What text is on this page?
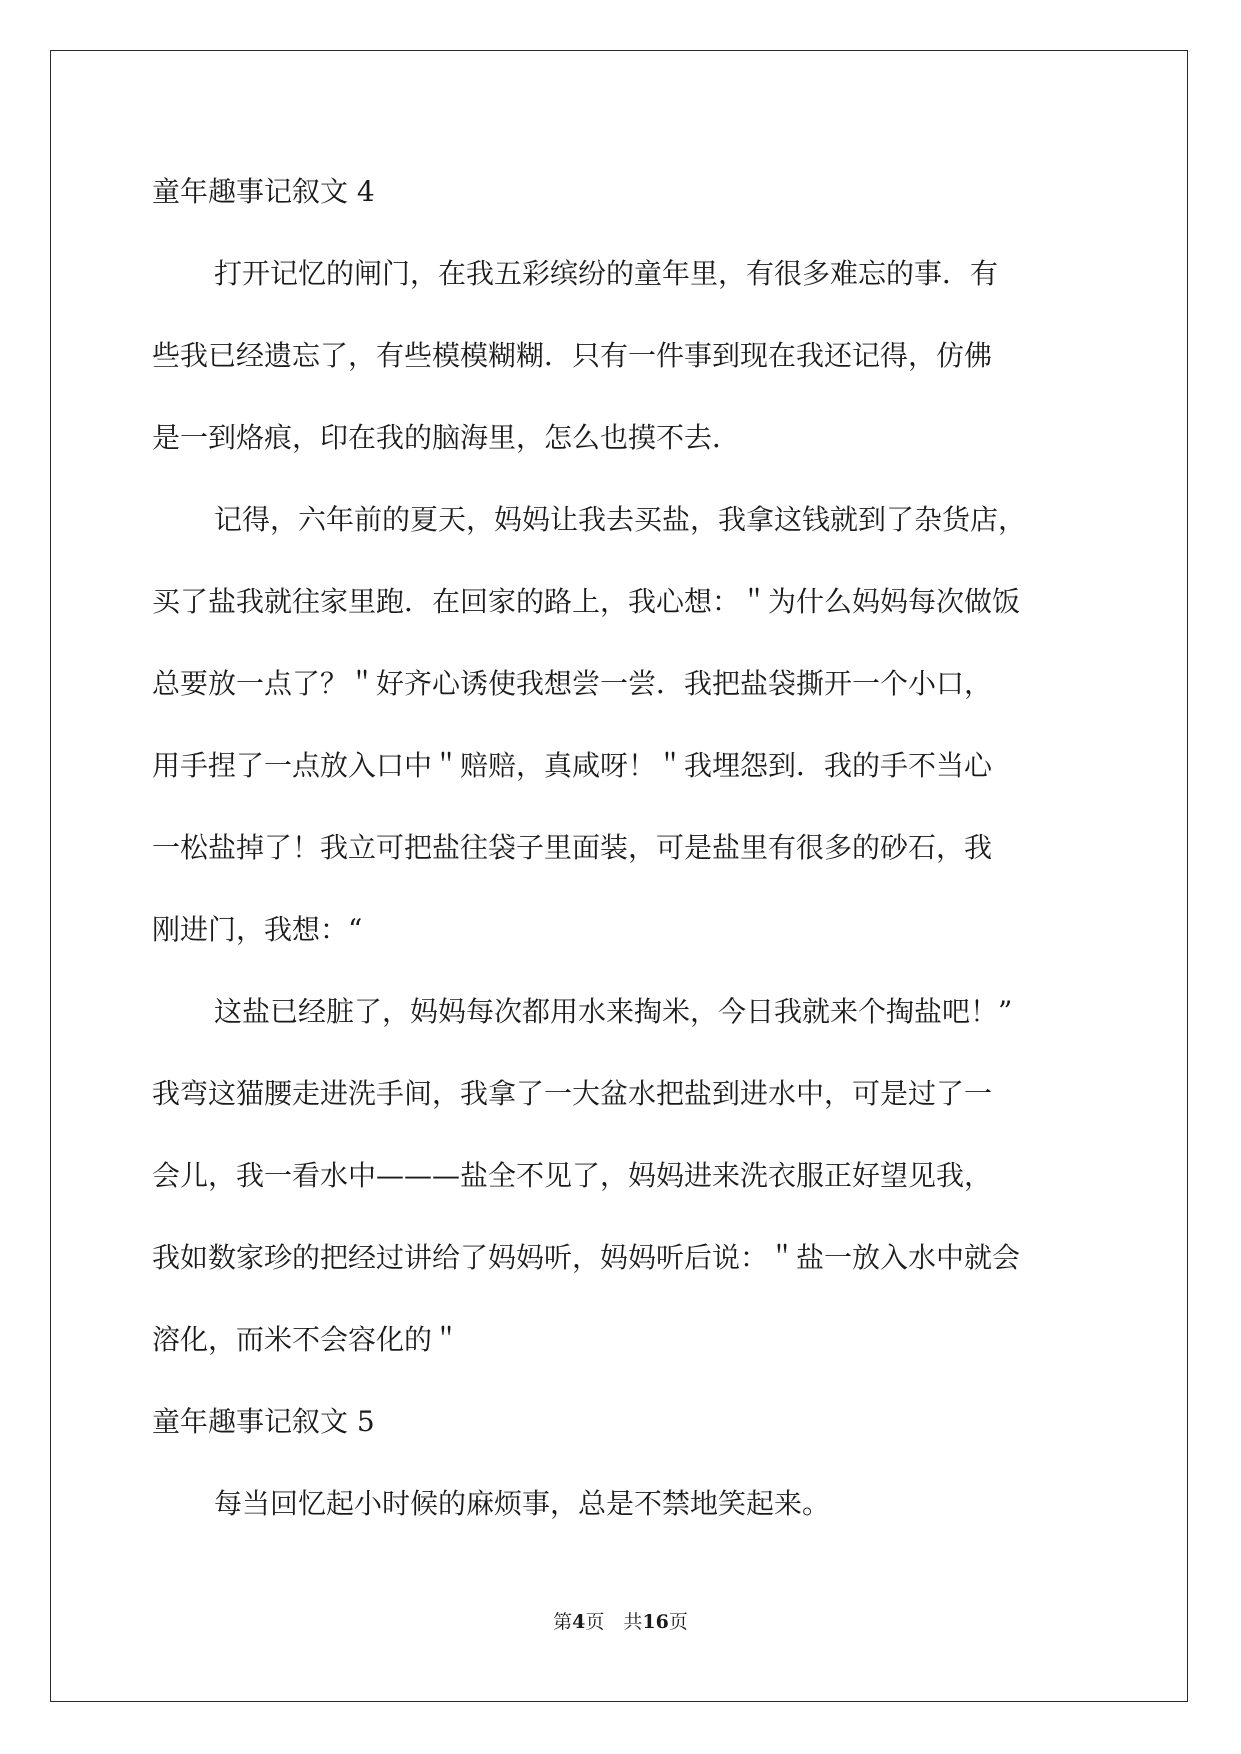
童年趣事记叙文 4
打开记忆的闸门，在我五彩缤纷的童年里，有很多难忘的事．有
些我已经遗忘了，有些模模糊糊．只有一件事到现在我还记得，仿佛
是一到烙痕，印在我的脑海里，怎么也摸不去．
记得，六年前的夏天，妈妈让我去买盐，我拿这钱就到了杂货店，
买了盐我就往家里跑．在回家的路上，我心想：＂为什么妈妈每次做饭
总要放一点了？＂好齐心诱使我想尝一尝．我把盐袋撕开一个小口，
用手捏了一点放入口中＂赔赔，真咸呀！＂我埋怨到．我的手不当心
一松盐掉了！我立可把盐往袋子里面装，可是盐里有很多的砂石，我
刚进门，我想：“
这盐已经脏了，妈妈每次都用水来掏米，今日我就来个掏盐吧！”
我弯这猫腰走进洗手间，我拿了一大盆水把盐到进水中，可是过了一
会儿，我一看水中———盐全不见了，妈妈进来洗衣服正好望见我，
我如数家珍的把经过讲给了妈妈听，妈妈听后说：＂盐一放入水中就会
溶化，而米不会容化的＂
童年趣事记叙文 5
每当回忆起小时候的麻烦事，总是不禁地笑起来。
第4页　共16页
